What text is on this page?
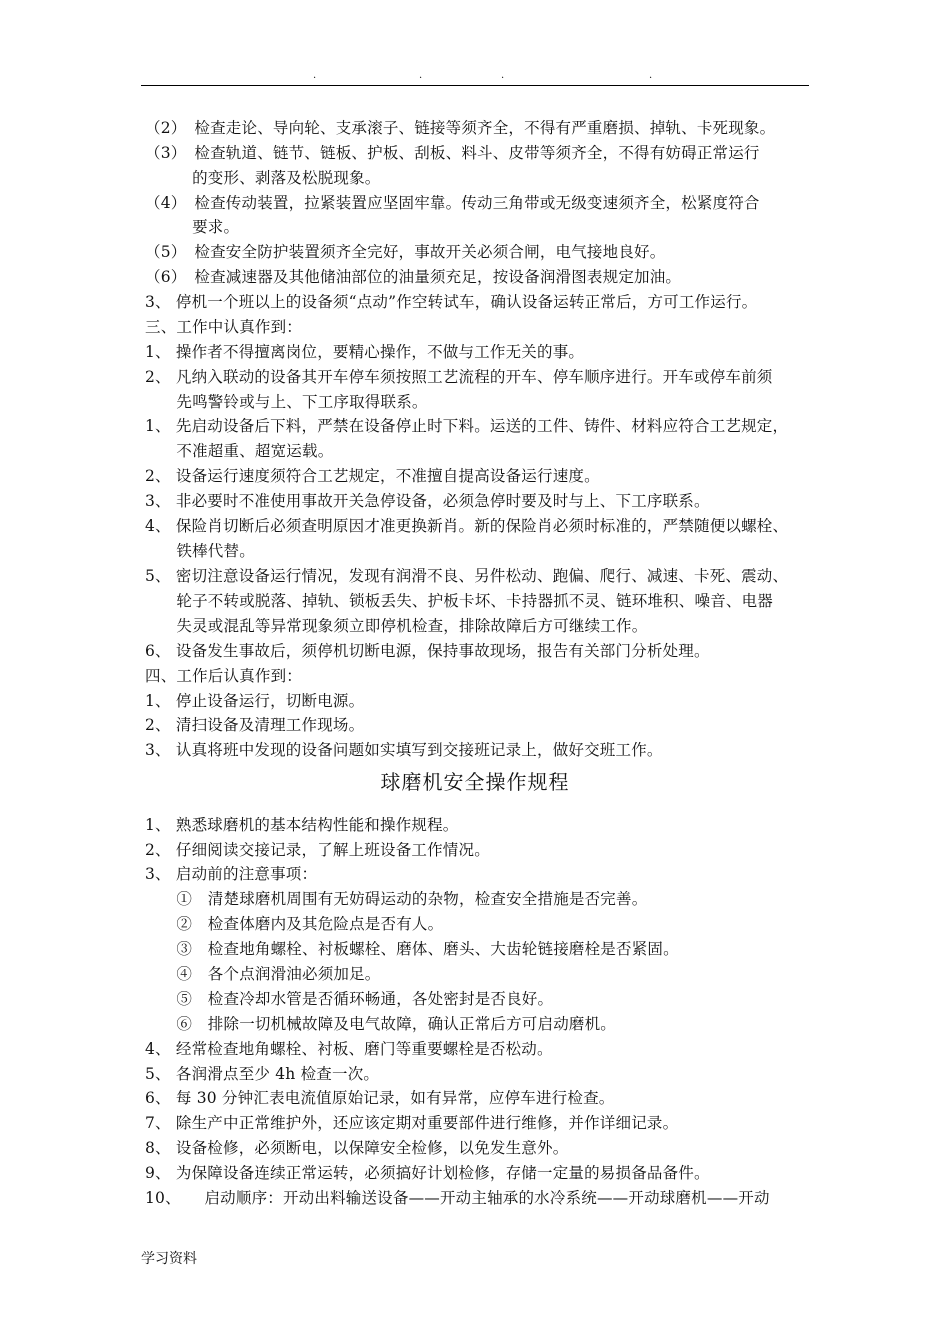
.	.	.	.
（2）　检查走论、导向轮、支承滚子、链接等须齐全，不得有严重磨损、掉轨、卡死现象。
（3）　检查轨道、链节、链板、护板、刮板、料斗、皮带等须齐全，不得有妨碍正常运行
　　　的变形、剥落及松脱现象。
（4）　检查传动装置，拉紧装置应坚固牢靠。传动三角带或无级变速须齐全，松紧度符合
　　　要求。
（5）　检查安全防护装置须齐全完好，事故开关必须合闸，电气接地良好。
（6）　检查减速器及其他储油部位的油量须充足，按设备润滑图表规定加油。
3、 停机一个班以上的设备须“点动”作空转试车，确认设备运转正常后，方可工作运行。
三、工作中认真作到：
1、 操作者不得擅离岗位，要精心操作，不做与工作无关的事。
2、 凡纳入联动的设备其开车停车须按照工艺流程的开车、停车顺序进行。开车或停车前须
　　先鸣警铃或与上、下工序取得联系。
1、 先启动设备后下料，严禁在设备停止时下料。运送的工件、铸件、材料应符合工艺规定，
　　不准超重、超宽运载。
2、 设备运行速度须符合工艺规定，不准擅自提高设备运行速度。
3、 非必要时不准使用事故开关急停设备，必须急停时要及时与上、下工序联系。
4、 保险肖切断后必须查明原因才准更换新肖。新的保险肖必须时标准的，严禁随便以螺栓、
　　铁棒代替。
5、 密切注意设备运行情况，发现有润滑不良、另件松动、跑偏、爬行、减速、卡死、震动、
　　轮子不转或脱落、掉轨、锁板丢失、护板卡坏、卡持器抓不灵、链环堆积、噪音、电器
　　失灵或混乱等异常现象须立即停机检查，排除故障后方可继续工作。
6、 设备发生事故后，须停机切断电源，保持事故现场，报告有关部门分析处理。
四、工作后认真作到：
1、 停止设备运行，切断电源。
2、 清扫设备及清理工作现场。
3、 认真将班中发现的设备问题如实填写到交接班记录上，做好交班工作。
球磨机安全操作规程
1、 熟悉球磨机的基本结构性能和操作规程。
2、 仔细阅读交接记录，了解上班设备工作情况。
3、 启动前的注意事项：
　　①　清楚球磨机周围有无妨碍运动的杂物，检查安全措施是否完善。
　　②　检查体磨内及其危险点是否有人。
　　③　检查地角螺栓、衬板螺栓、磨体、磨头、大齿轮链接磨栓是否紧固。
　　④　各个点润滑油必须加足。
　　⑤　检查冷却水管是否循环畅通，各处密封是否良好。
　　⑥　排除一切机械故障及电气故障，确认正常后方可启动磨机。
4、 经常检查地角螺栓、衬板、磨门等重要螺栓是否松动。
5、 各润滑点至少 4h 检查一次。
6、 每 30 分钟汇表电流值原始记录，如有异常，应停车进行检查。
7、 除生产中正常维护外，还应该定期对重要部件进行维修，并作详细记录。
8、 设备检修，必须断电，以保障安全检修，以免发生意外。
9、 为保障设备连续正常运转，必须搞好计划检修，存储一定量的易损备品备件。
10、　　启动顺序：开动出料输送设备——开动主轴承的水冷系统——开动球磨机——开动
学习资料
